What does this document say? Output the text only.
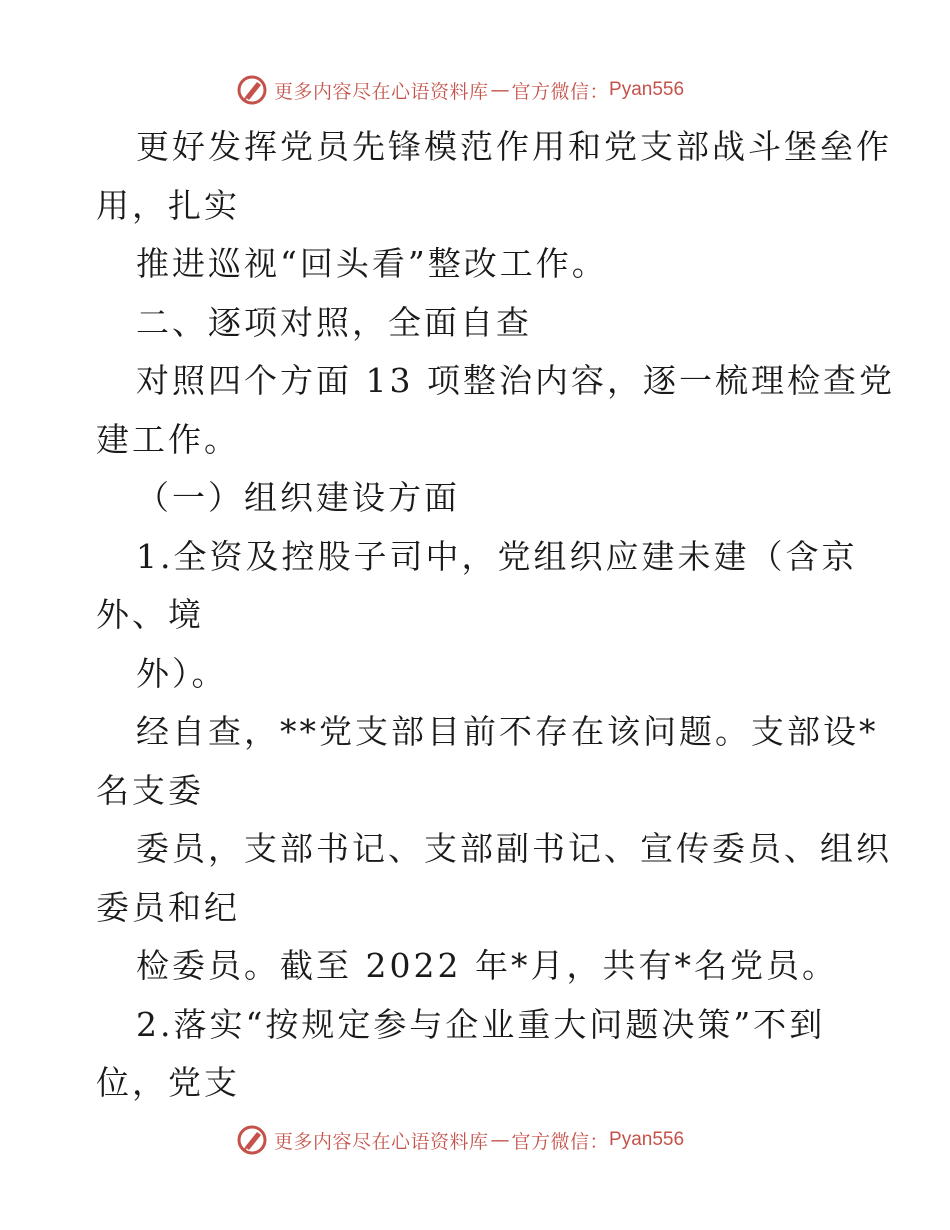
更多内容尽在心语资料库 — 官方微信： Pyan556
更好发挥党员先锋模范作用和党支部战斗堡垒作
用，扎实
推进巡视“回头看”整改工作。
二、逐项对照，全面自查
对照四个方面 13 项整治内容，逐一梳理检查党
建工作。
（一）组织建设方面
1.全资及控股子司中，党组织应建未建（含京
外、境
外）。
经自查，**党支部目前不存在该问题。支部设*
名支委
委员，支部书记、支部副书记、宣传委员、组织
委员和纪
检委员。截至 2022 年*月，共有*名党员。
2.落实“按规定参与企业重大问题决策”不到
位，党支
更多内容尽在心语资料库 — 官方微信： Pyan556
